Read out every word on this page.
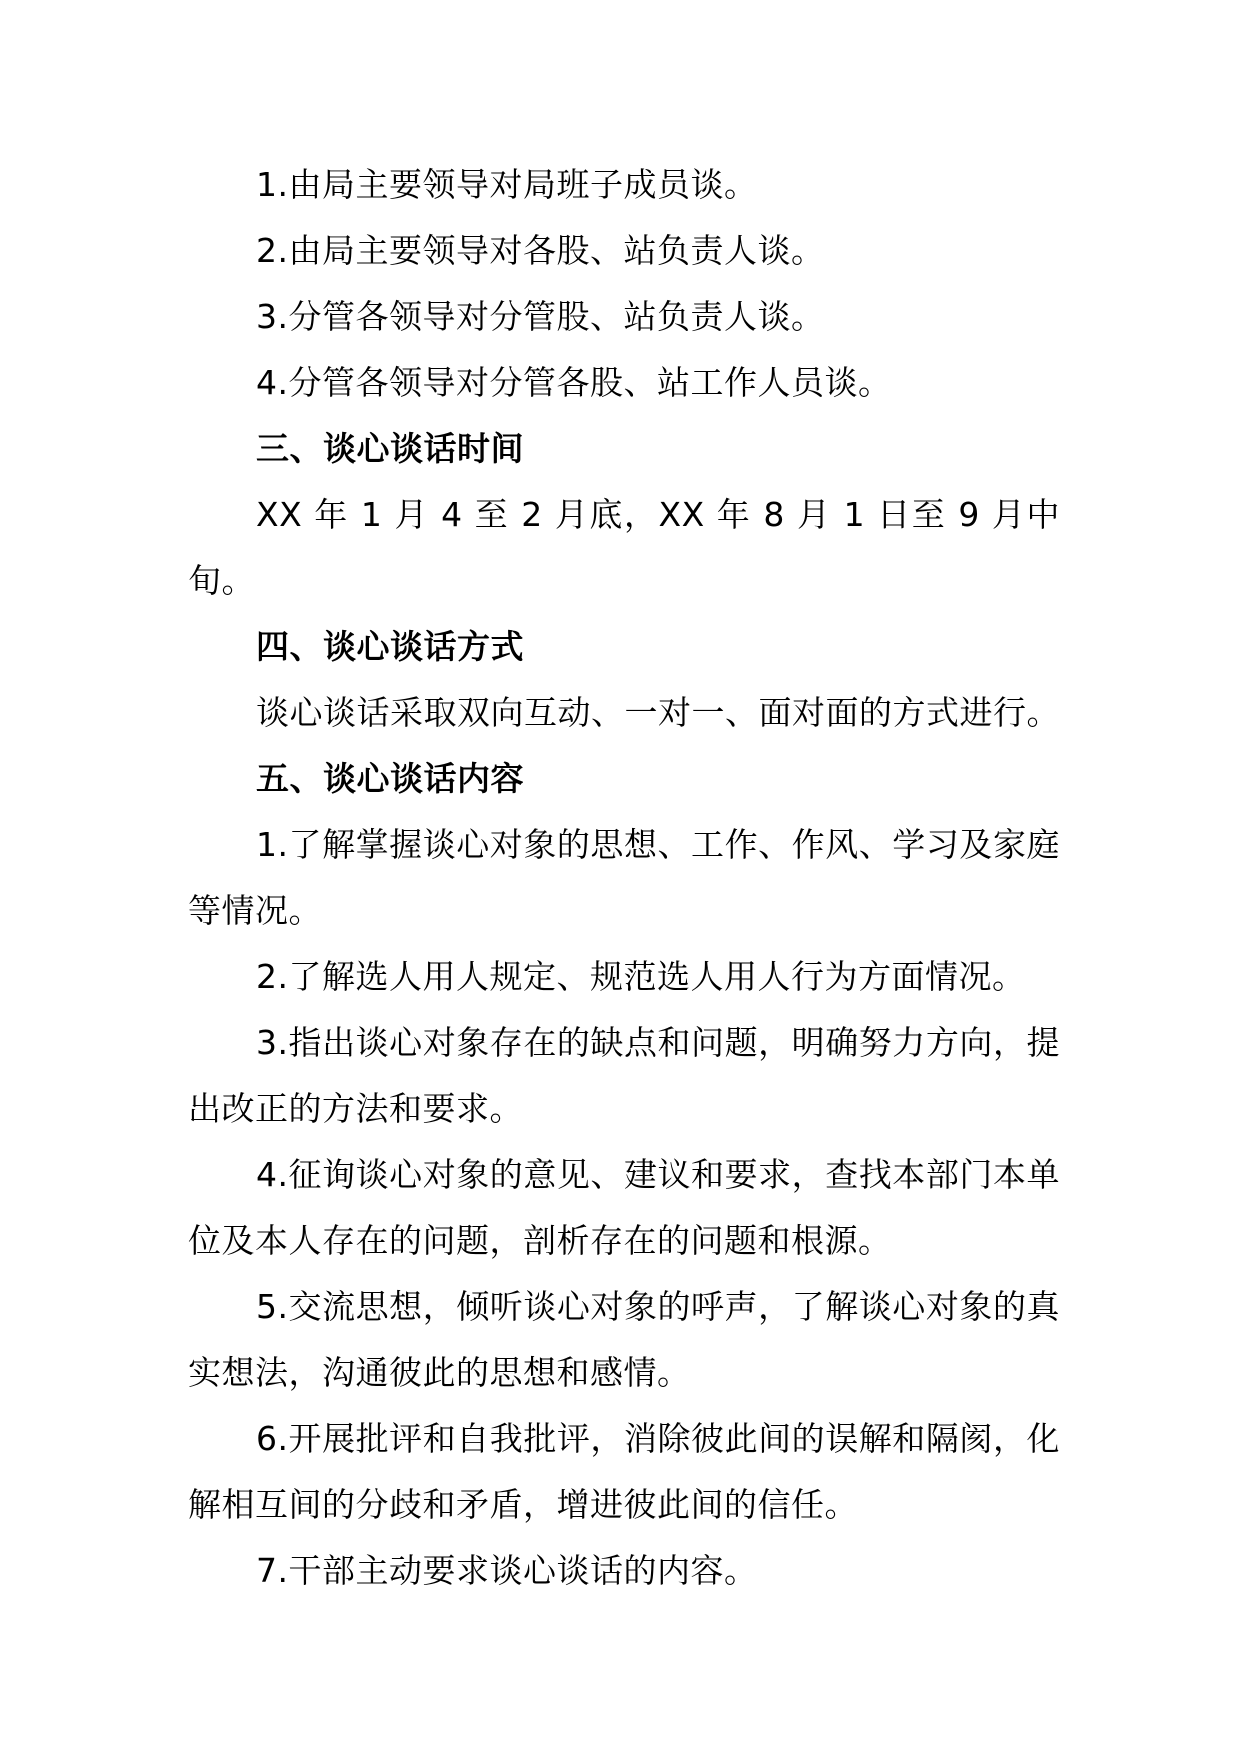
1.由局主要领导对局班子成员谈。

2.由局主要领导对各股、站负责人谈。

3.分管各领导对分管股、站负责人谈。

4.分管各领导对分管各股、站工作人员谈。

三、谈心谈话时间

XX 年 1 月 4 至 2 月底，XX 年 8 月 1 日至 9 月中旬。

四、谈心谈话方式

谈心谈话采取双向互动、一对一、面对面的方式进行。

五、谈心谈话内容

1.了解掌握谈心对象的思想、工作、作风、学习及家庭等情况。

2.了解选人用人规定、规范选人用人行为方面情况。

3.指出谈心对象存在的缺点和问题，明确努力方向，提出改正的方法和要求。

4.征询谈心对象的意见、建议和要求，查找本部门本单位及本人存在的问题，剖析存在的问题和根源。

5.交流思想，倾听谈心对象的呼声，了解谈心对象的真实想法，沟通彼此的思想和感情。

6.开展批评和自我批评，消除彼此间的误解和隔阂，化解相互间的分歧和矛盾，增进彼此间的信任。

7.干部主动要求谈心谈话的内容。
